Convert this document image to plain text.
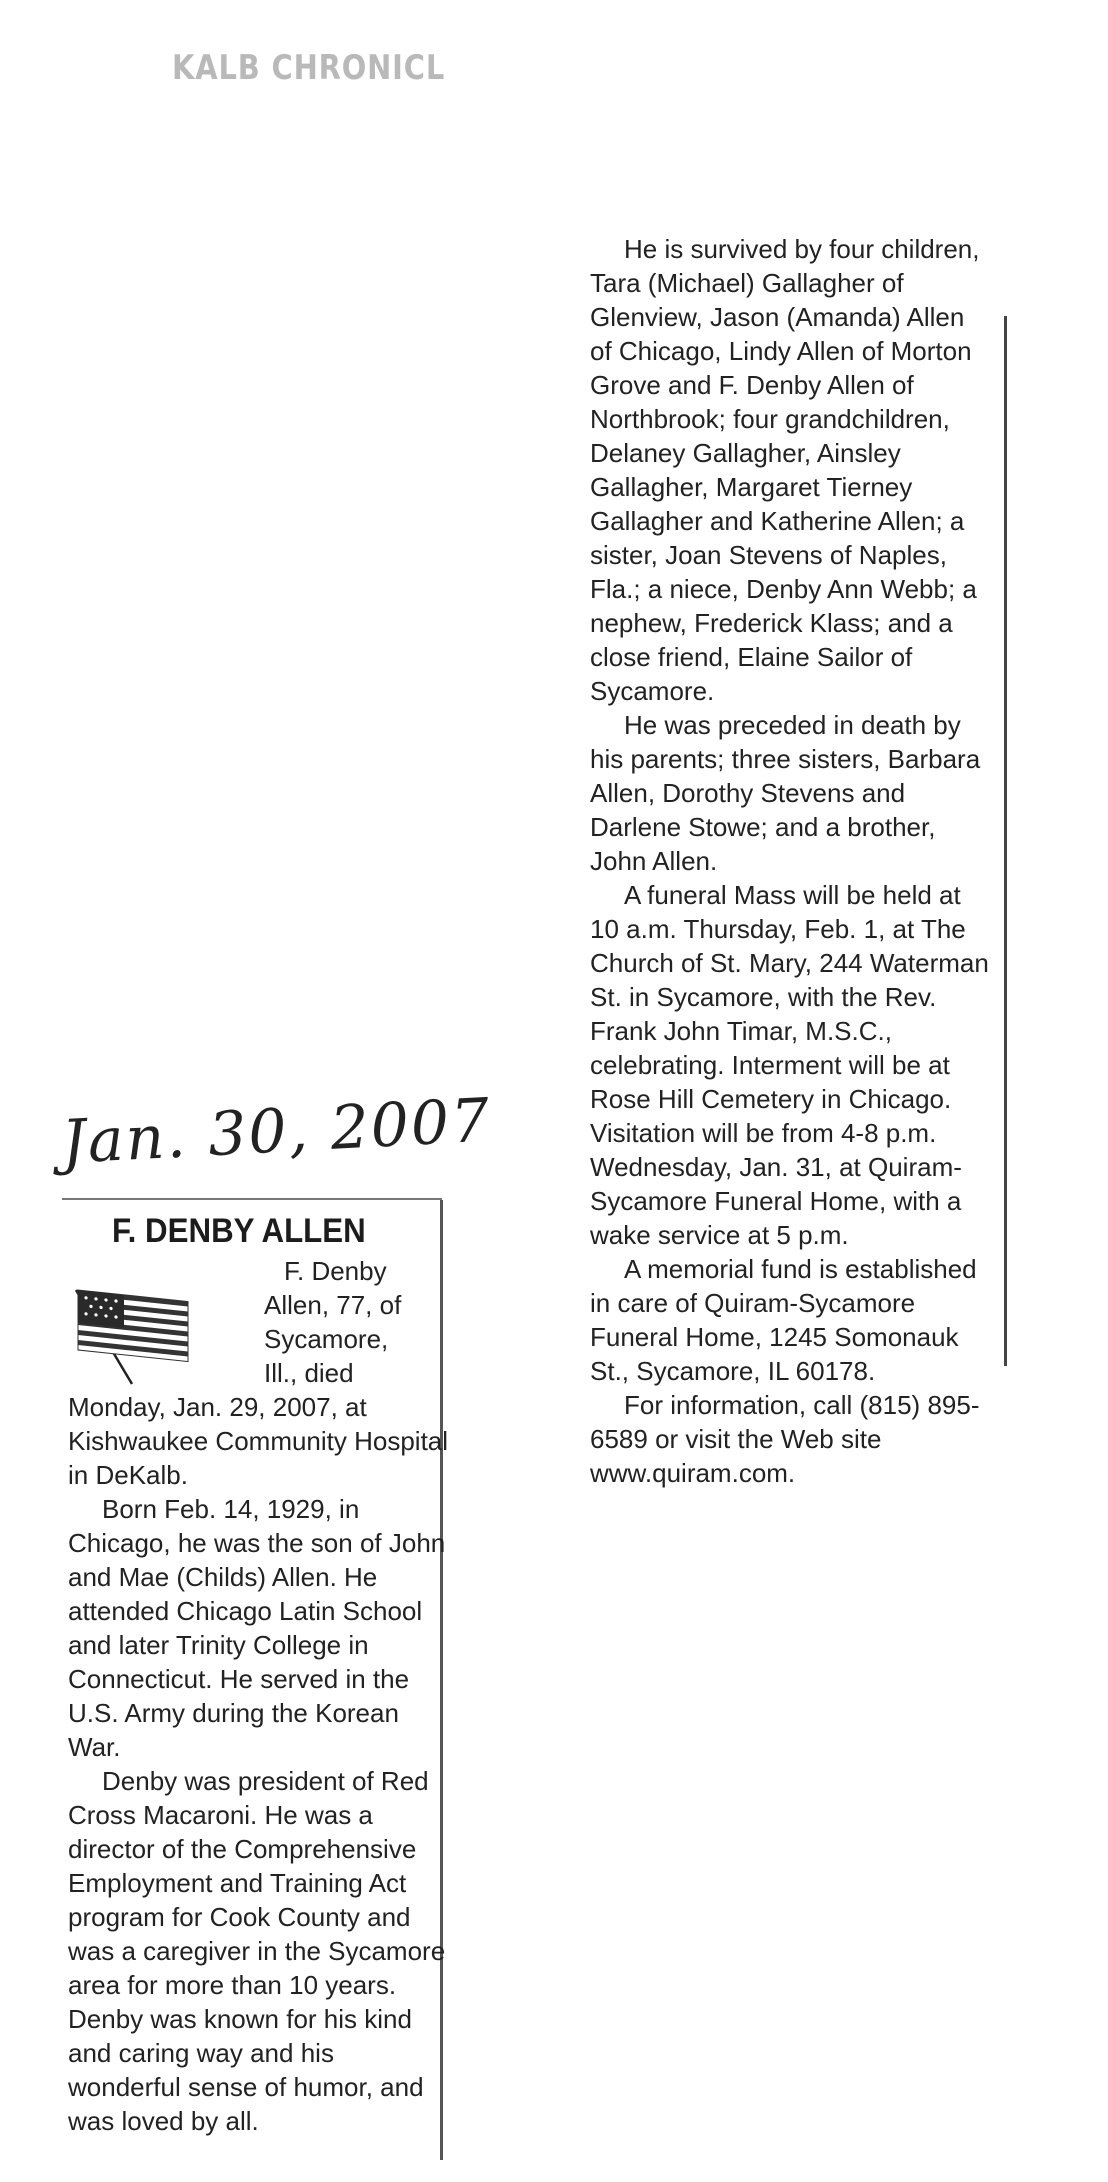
KALB CHRONICL
Jan. 30, 2007
F. DENBY ALLEN
F. Denby
Allen, 77, of
Sycamore,
Ill., died

Monday, Jan. 29, 2007, at Kishwaukee Community Hospital in DeKalb.

Born Feb. 14, 1929, in Chicago, he was the son of John and Mae (Childs) Allen. He attended Chicago Latin School and later Trinity College in Connecticut. He served in the U.S. Army during the Korean War.

Denby was president of Red Cross Macaroni. He was a director of the Comprehensive Employment and Training Act program for Cook County and was a caregiver in the Sycamore area for more than 10 years. Denby was known for his kind and caring way and his wonderful sense of humor, and was loved by all.

He is survived by four children, Tara (Michael) Gallagher of Glenview, Jason (Amanda) Allen of Chicago, Lindy Allen of Morton Grove and F. Denby Allen of Northbrook; four grandchildren, Delaney Gallagher, Ainsley Gallagher, Margaret Tierney Gallagher and Katherine Allen; a sister, Joan Stevens of Naples, Fla.; a niece, Denby Ann Webb; a nephew, Frederick Klass; and a close friend, Elaine Sailor of Sycamore.

He was preceded in death by his parents; three sisters, Barbara Allen, Dorothy Stevens and Darlene Stowe; and a brother, John Allen.

A funeral Mass will be held at 10 a.m. Thursday, Feb. 1, at The Church of St. Mary, 244 Waterman St. in Sycamore, with the Rev. Frank John Timar, M.S.C., celebrating. Interment will be at Rose Hill Cemetery in Chicago. Visitation will be from 4-8 p.m. Wednesday, Jan. 31, at Quiram-Sycamore Funeral Home, with a wake service at 5 p.m.

A memorial fund is established in care of Quiram-Sycamore Funeral Home, 1245 Somonauk St., Sycamore, IL 60178.

For information, call (815) 895-6589 or visit the Web site www.quiram.com.
